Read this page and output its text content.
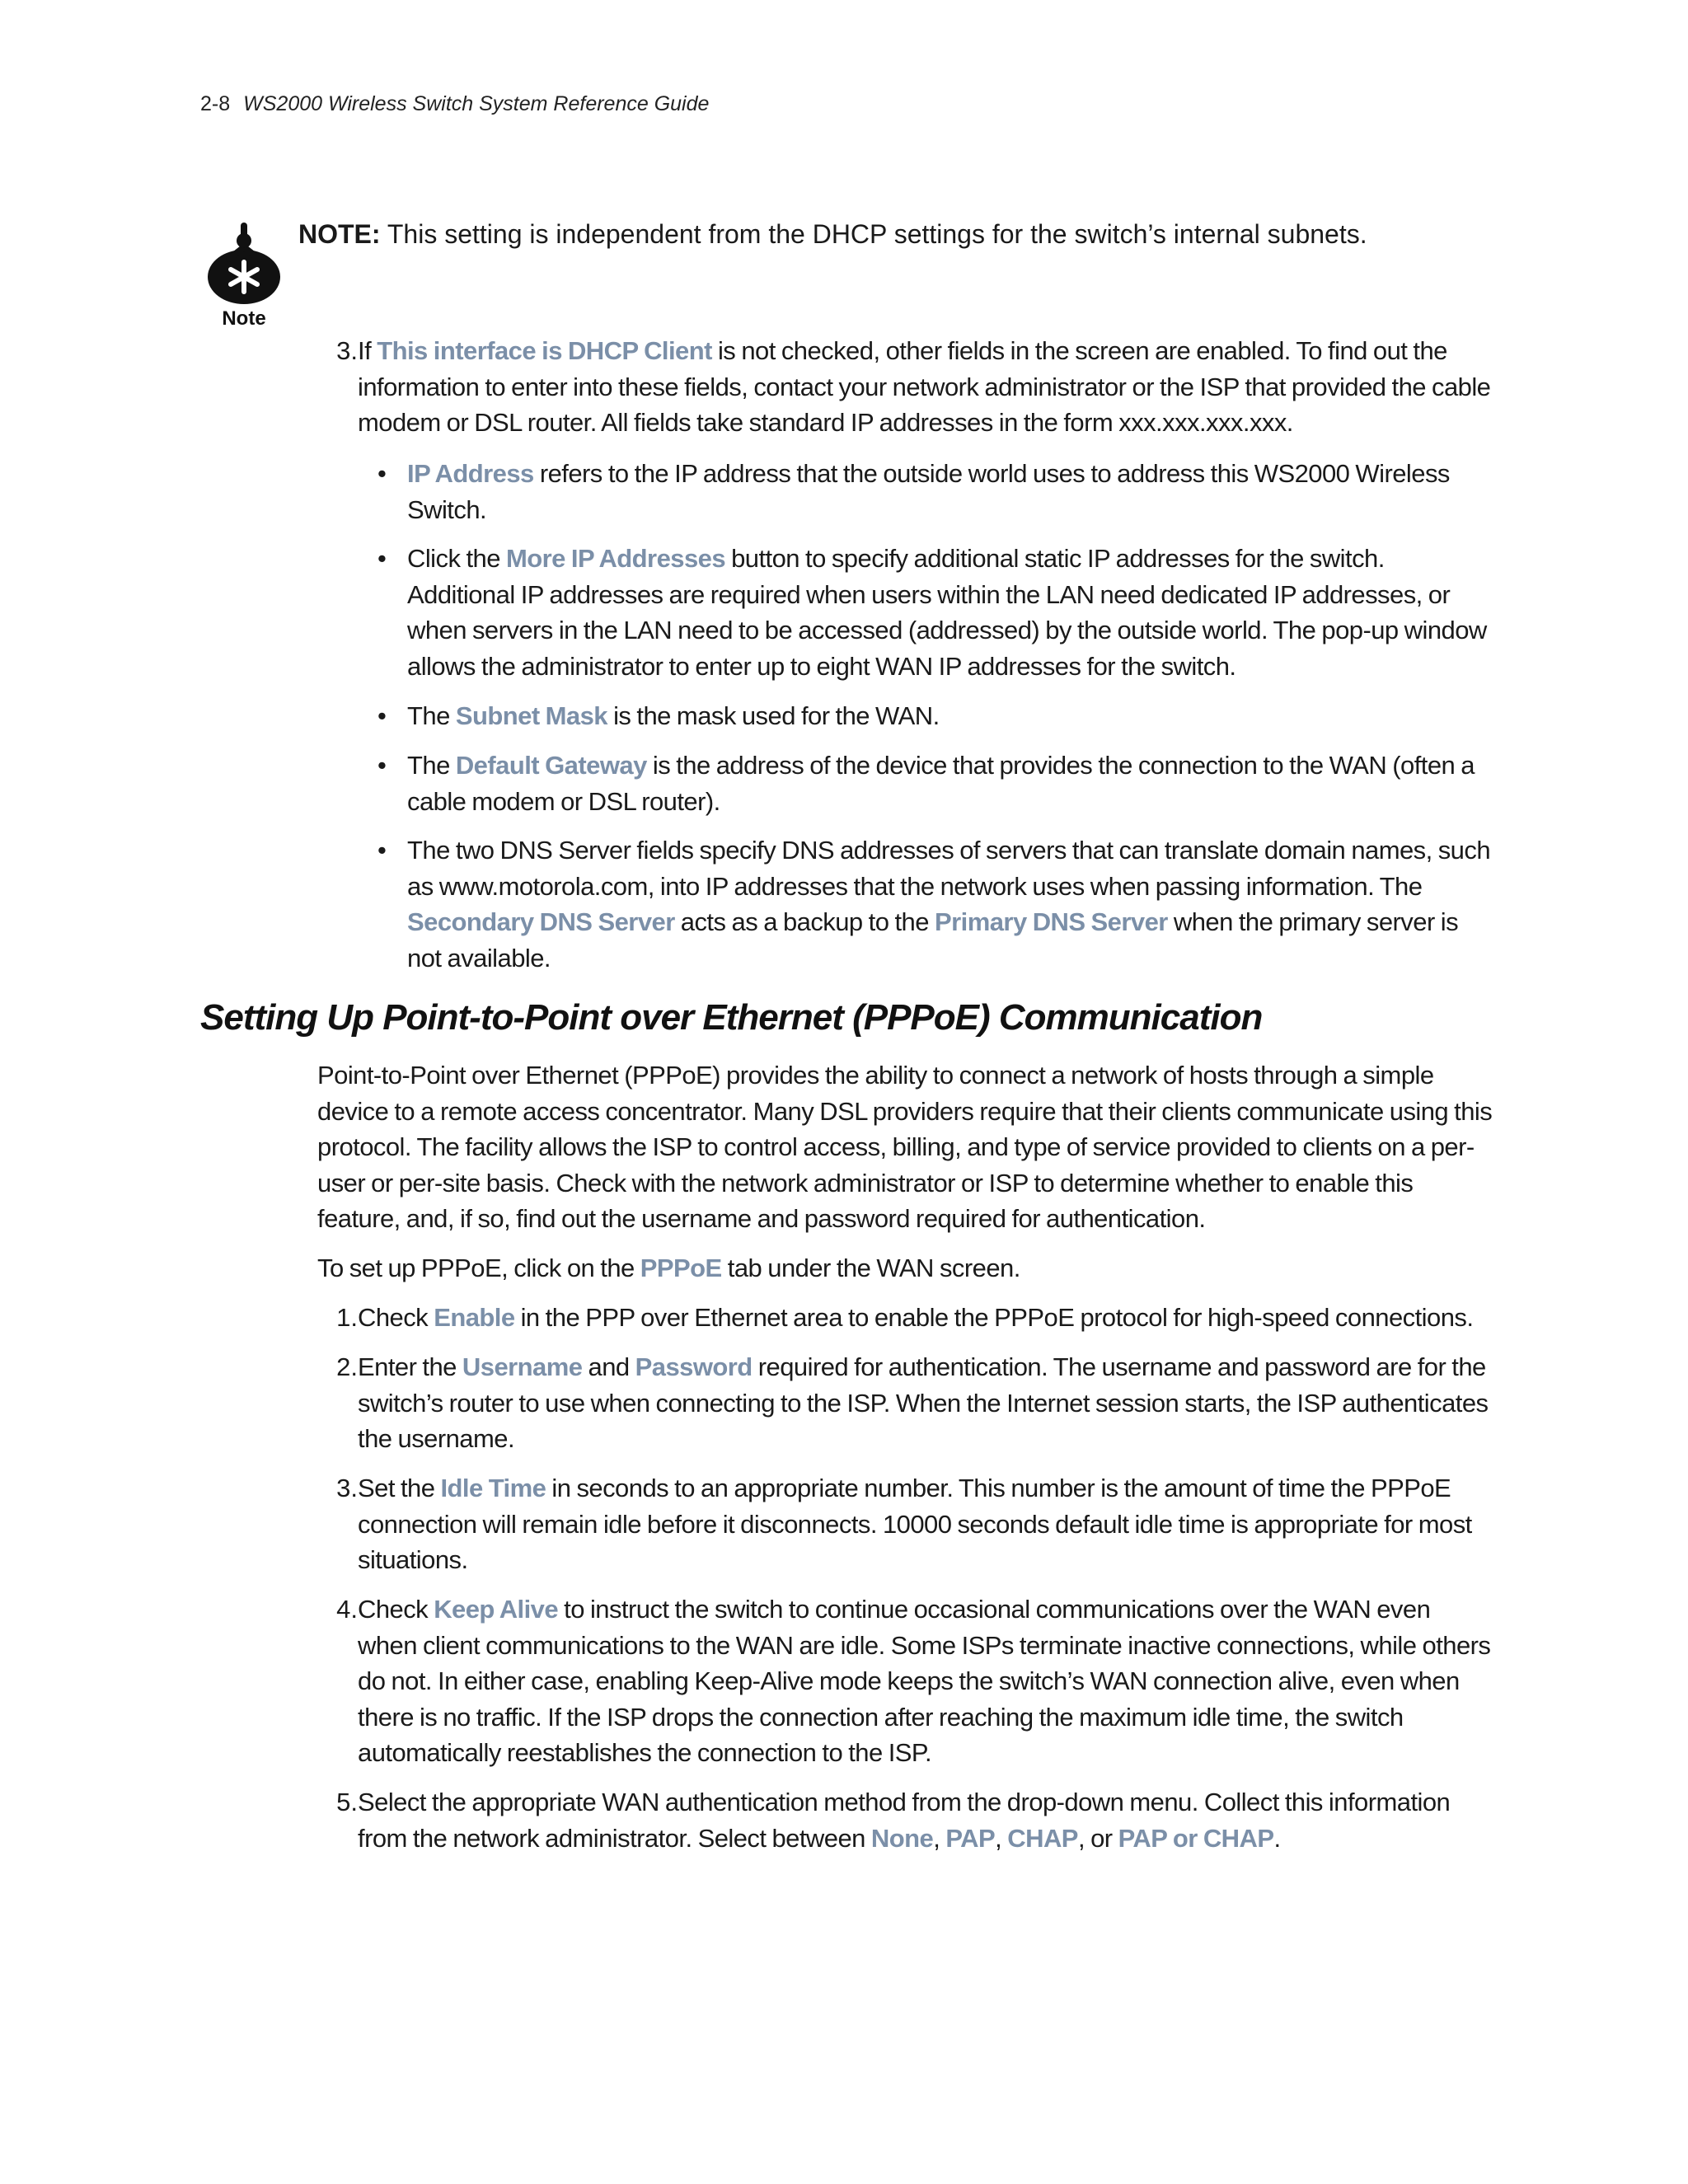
2-8 WS2000 Wireless Switch System Reference Guide
Note
NOTE: This setting is independent from the DHCP settings for the switch’s internal subnets.
3. If This interface is DHCP Client is not checked, other fields in the screen are enabled. To find out the information to enter into these fields, contact your network administrator or the ISP that provided the cable modem or DSL router. All fields take standard IP addresses in the form xxx.xxx.xxx.xxx.
• IP Address refers to the IP address that the outside world uses to address this WS2000 Wireless Switch.
• Click the More IP Addresses button to specify additional static IP addresses for the switch. Additional IP addresses are required when users within the LAN need dedicated IP addresses, or when servers in the LAN need to be accessed (addressed) by the outside world. The pop-up window allows the administrator to enter up to eight WAN IP addresses for the switch.
• The Subnet Mask is the mask used for the WAN.
• The Default Gateway is the address of the device that provides the connection to the WAN (often a cable modem or DSL router).
• The two DNS Server fields specify DNS addresses of servers that can translate domain names, such as www.motorola.com, into IP addresses that the network uses when passing information. The Secondary DNS Server acts as a backup to the Primary DNS Server when the primary server is not available.
Setting Up Point-to-Point over Ethernet (PPPoE) Communication
Point-to-Point over Ethernet (PPPoE) provides the ability to connect a network of hosts through a simple device to a remote access concentrator. Many DSL providers require that their clients communicate using this protocol. The facility allows the ISP to control access, billing, and type of service provided to clients on a per-user or per-site basis. Check with the network administrator or ISP to determine whether to enable this feature, and, if so, find out the username and password required for authentication.
To set up PPPoE, click on the PPPoE tab under the WAN screen.
1. Check Enable in the PPP over Ethernet area to enable the PPPoE protocol for high-speed connections.
2. Enter the Username and Password required for authentication. The username and password are for the switch’s router to use when connecting to the ISP. When the Internet session starts, the ISP authenticates the username.
3. Set the Idle Time in seconds to an appropriate number. This number is the amount of time the PPPoE connection will remain idle before it disconnects. 10000 seconds default idle time is appropriate for most situations.
4. Check Keep Alive to instruct the switch to continue occasional communications over the WAN even when client communications to the WAN are idle. Some ISPs terminate inactive connections, while others do not. In either case, enabling Keep-Alive mode keeps the switch’s WAN connection alive, even when there is no traffic. If the ISP drops the connection after reaching the maximum idle time, the switch automatically reestablishes the connection to the ISP.
5. Select the appropriate WAN authentication method from the drop-down menu. Collect this information from the network administrator. Select between None, PAP, CHAP, or PAP or CHAP.
